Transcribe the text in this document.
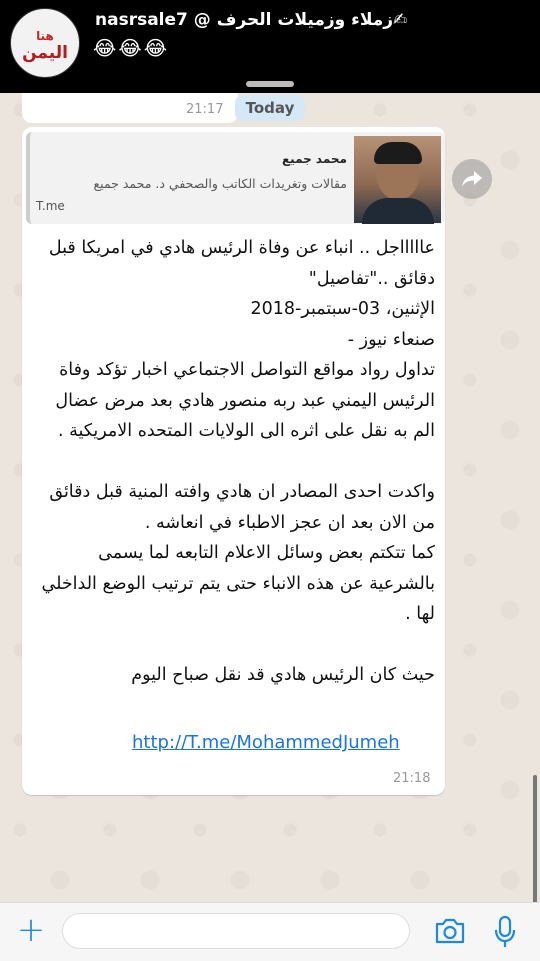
هنا
اليمن
nasrsale7 @ زملاء وزميلات الحرف✍
😂😂😂
21:17	Today
محمد جميع
مقالات وتغريدات الكاتب والصحفي د. محمد جميع
T.me
عاااااجل .. انباء عن وفاة الرئيس هادي في امريكا قبل دقائق .."تفاصيل"
الإثنين، 03-سبتمبر-2018
صنعاء نيوز -
تداول رواد مواقع التواصل الاجتماعي اخبار تؤكد وفاة الرئيس اليمني عبد ربه منصور هادي بعد مرض عضال الم به نقل على اثره الى الولايات المتحده الامريكية .

واكدت احدى المصادر ان هادي وافته المنية قبل دقائق من الان بعد ان عجز الاطباء في انعاشه .
كما تتكتم بعض وسائل الاعلام التابعه لما يسمى بالشرعية عن هذه الانباء حتى يتم ترتيب الوضع الداخلي لها .

حيث كان الرئيس هادي قد نقل صباح اليوم
http://T.me/MohammedJumeh
21:18
+
